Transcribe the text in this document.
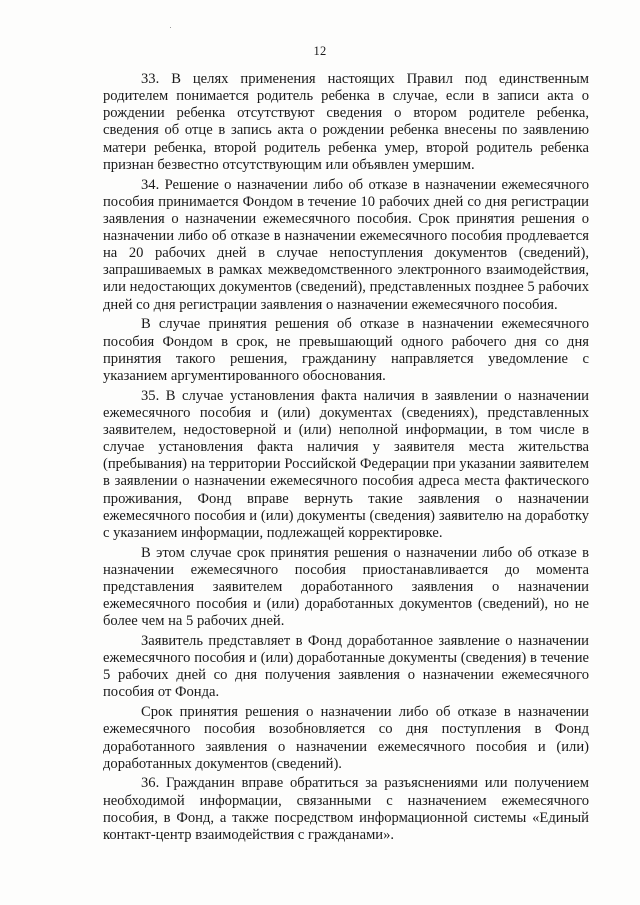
12

33. В целях применения настоящих Правил под единственным родителем понимается родитель ребенка в случае, если в записи акта о рождении ребенка отсутствуют сведения о втором родителе ребенка, сведения об отце в запись акта о рождении ребенка внесены по заявлению матери ребенка, второй родитель ребенка умер, второй родитель ребенка признан безвестно отсутствующим или объявлен умершим.

34. Решение о назначении либо об отказе в назначении ежемесячного пособия принимается Фондом в течение 10 рабочих дней со дня регистрации заявления о назначении ежемесячного пособия. Срок принятия решения о назначении либо об отказе в назначении ежемесячного пособия продлевается на 20 рабочих дней в случае непоступления документов (сведений), запрашиваемых в рамках межведомственного электронного взаимодействия, или недостающих документов (сведений), представленных позднее 5 рабочих дней со дня регистрации заявления о назначении ежемесячного пособия.

В случае принятия решения об отказе в назначении ежемесячного пособия Фондом в срок, не превышающий одного рабочего дня со дня принятия такого решения, гражданину направляется уведомление с указанием аргументированного обоснования.

35. В случае установления факта наличия в заявлении о назначении ежемесячного пособия и (или) документах (сведениях), представленных заявителем, недостоверной и (или) неполной информации, в том числе в случае установления факта наличия у заявителя места жительства (пребывания) на территории Российской Федерации при указании заявителем в заявлении о назначении ежемесячного пособия адреса места фактического проживания, Фонд вправе вернуть такие заявления о назначении ежемесячного пособия и (или) документы (сведения) заявителю на доработку с указанием информации, подлежащей корректировке.

В этом случае срок принятия решения о назначении либо об отказе в назначении ежемесячного пособия приостанавливается до момента представления заявителем доработанного заявления о назначении ежемесячного пособия и (или) доработанных документов (сведений), но не более чем на 5 рабочих дней.

Заявитель представляет в Фонд доработанное заявление о назначении ежемесячного пособия и (или) доработанные документы (сведения) в течение 5 рабочих дней со дня получения заявления о назначении ежемесячного пособия от Фонда.

Срок принятия решения о назначении либо об отказе в назначении ежемесячного пособия возобновляется со дня поступления в Фонд доработанного заявления о назначении ежемесячного пособия и (или) доработанных документов (сведений).

36. Гражданин вправе обратиться за разъяснениями или получением необходимой информации, связанными с назначением ежемесячного пособия, в Фонд, а также посредством информационной системы «Единый контакт-центр взаимодействия с гражданами».
